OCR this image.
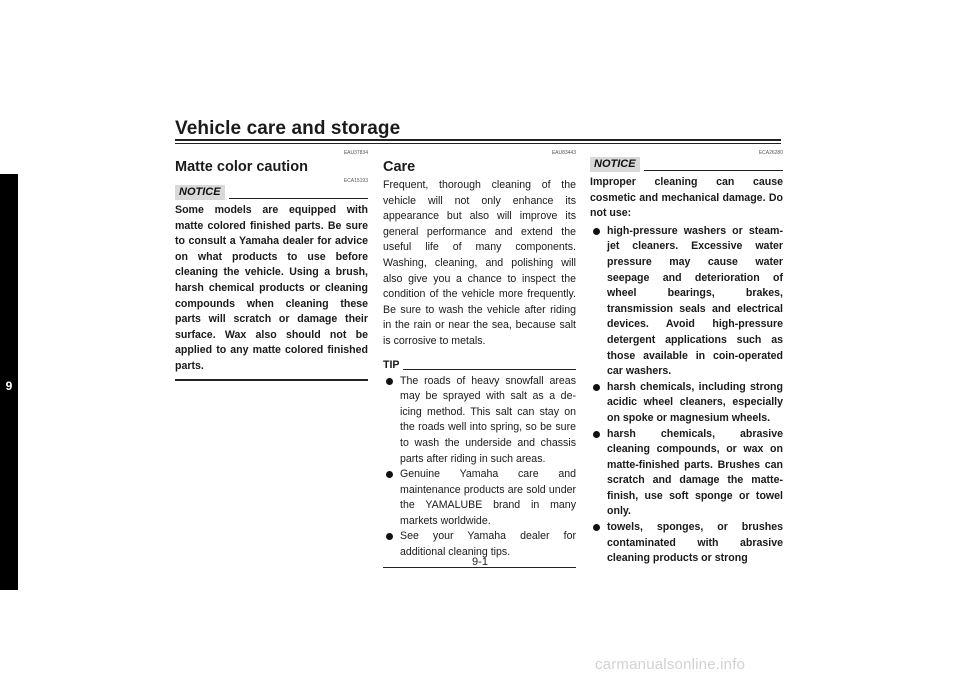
Vehicle care and storage
9
EAU37834
Matte color caution
ECA15193
NOTICE

Some models are equipped with matte colored finished parts. Be sure to consult a Yamaha dealer for advice on what products to use before cleaning the vehicle. Using a brush, harsh chemical products or cleaning compounds when cleaning these parts will scratch or damage their surface. Wax also should not be applied to any matte colored finished parts.

EAU83443
Care

Frequent, thorough cleaning of the vehicle will not only enhance its appearance but also will improve its general performance and extend the useful life of many components. Washing, cleaning, and polishing will also give you a chance to inspect the condition of the vehicle more frequently. Be sure to wash the vehicle after riding in the rain or near the sea, because salt is corrosive to metals.

TIP
The roads of heavy snowfall areas may be sprayed with salt as a de-icing method. This salt can stay on the roads well into spring, so be sure to wash the underside and chassis parts after riding in such areas.
Genuine Yamaha care and maintenance products are sold under the YAMALUBE brand in many markets worldwide.
See your Yamaha dealer for additional cleaning tips.
ECA26280
NOTICE

Improper cleaning can cause cosmetic and mechanical damage. Do not use:

high-pressure washers or steam-jet cleaners. Excessive water pressure may cause water seepage and deterioration of wheel bearings, brakes, transmission seals and electrical devices. Avoid high-pressure detergent applications such as those available in coin-operated car washers.
harsh chemicals, including strong acidic wheel cleaners, especially on spoke or magnesium wheels.
harsh chemicals, abrasive cleaning compounds, or wax on matte-finished parts. Brushes can scratch and damage the matte-finish, use soft sponge or towel only.
towels, sponges, or brushes contaminated with abrasive cleaning products or strong
9-1
carmanualsonline.info
